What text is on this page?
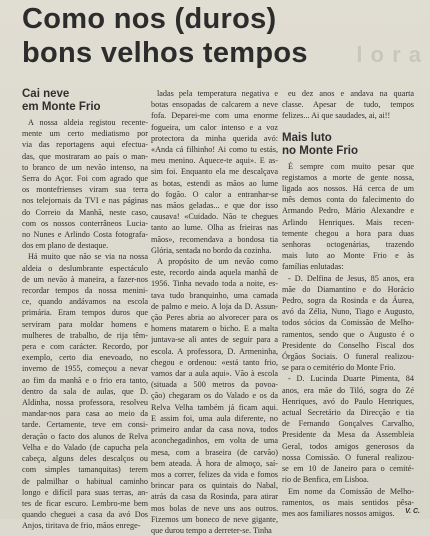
l o r a
Como nos (duros)
bons velhos tempos
Cai neve
em Monte Frio
A nossa aldeia registou recente-
mente um certo mediatismo por
via das reportagens aqui efectua-
das, que mostraram ao país o man-
to branco de um nevão intenso, na
Serra do Açor. Foi com agrado que
os montefrienses viram sua terra
nos telejornais da TVI e nas páginas
do Correio da Manhã, neste caso,
com os nossos conterrâneos Lucia-
no Nunes e Arlindo Costa fotografa-
dos em plano de destaque.
Há muito que não se via na nossa
aldeia o deslumbrante espectáculo
de um nevão à maneira, a fazer-nos
recordar tempos da nossa menini-
ce, quando andávamos na escola
primária. Eram tempos duros que
serviram para moldar homens e
mulheres de trabalho, de rija têm-
pera e com carácter. Recordo, por
exemplo, certo dia enevoado, no
inverno de 1955, começou a nevar
ao fim da manhã e o frio era tanto,
dentro da sala de aulas, que D.
Aldinha, nossa professora, resolveu
mandar-nos para casa ao meio da
tarde. Certamente, teve em consi-
deração o facto dos alunos de Relva
Velha e do Valado (de capucha pela
cabeça, alguns deles descalços ou
com simples tamanquitas) terem
de palmilhar o habitual caminho
longo e difícil para suas terras, an-
tes de ficar escuro. Lembro-me bem
quando cheguei a casa da avó Dos
Anjos, tiritava de frio, mãos enrege-
ladas pela temperatura negativa e
botas ensopadas de calcarem a neve
fofa. Deparei-me com uma enorme
fogueira, um calor intenso e a voz
protectora da minha querida avó:
«Anda cá filhinho! Ai como tu estás,
meu menino. Aquece-te aqui». E as-
sim foi. Enquanto ela me descalçava
as botas, estendi as mãos ao lume
do fogão. O calor a entranhar-se
nas mãos geladas... e que dor isso
causava! «Cuidado. Não te chegues
tanto ao lume. Olha as frieiras nas
mãos», recomendava a bondosa tia
Glória, sentada no bordo da cozinha.
A propósito de um nevão como
este, recordo ainda aquela manhã de
1956. Tinha nevado toda a noite, es-
tava tudo branquinho, uma camada
de palmo e meio. A loja da D. Assun-
ção Peres abria ao alvorecer para os
homens matarem o bicho. E a malta
juntava-se ali antes de seguir para a
escola. A professora, D. Armeninha,
chegou e ordenou: «está tanto frio,
vamos dar a aula aqui». Vão à escola
(situada a 500 metros da povoa-
ção) chegaram os do Valado e os da
Relva Velha também já ficam aqui.
E assim foi, uma aula diferente, no
primeiro andar da casa nova, todos
aconchegadinhos, em volta de uma
mesa, com a braseira (de carvão)
bem ateada. À hora de almoço, saí-
mos a correr, felizes da vida e fomos
brincar para os quintais do Nabal,
atrás da casa da Rosinda, para atirar
mos bolas de neve uns aos outros.
Fizemos um boneco de neve gigante,
que durou tempo a derreter-se. Tinha
eu dez anos e andava na quarta
classe. Apesar de tudo, tempos
felizes... Ai que saudades, ai, ai!!
Mais luto
no Monte Frio
É sempre com muito pesar que
registamos a morte de gente nossa,
ligada aos nossos. Há cerca de um
mês demos conta do falecimento do
Armando Pedro, Mário Alexandre e
Arlindo Henriques. Mais recen-
temente chegou a hora para duas
senhoras octogenárias, trazendo
mais luto ao Monte Frio e às
famílias enlutadas:
- D. Delfina de Jesus, 85 anos, era
mãe do Diamantino e do Horácio
Pedro, sogra da Rosinda e da Áurea,
avó da Zélia, Nuno, Tiago e Augusto,
todos sócios da Comissão de Melho-
ramentos, sendo que o Augusto é o
Presidente do Conselho Fiscal dos
Órgãos Sociais. O funeral realizou-
se para o cemitério do Monte Frio.
- D. Lucinda Duarte Pimenta, 84
anos, era mãe do Tiló, sogra do Zé
Henriques, avó do Paulo Henriques,
actual Secretário da Direcção e tia
de Fernando Gonçalves Carvalho,
Presidente da Mesa da Assembleia
Geral, todos amigos generosos da
nossa Comissão. O funeral realizou-
se em 10 de Janeiro para o cemité-
rio de Benfica, em Lisboa.
Em nome da Comissão de Melho-
ramentos, os mais sentidos pêsa-
mes aos familiares nossos amigos.	V. C.
